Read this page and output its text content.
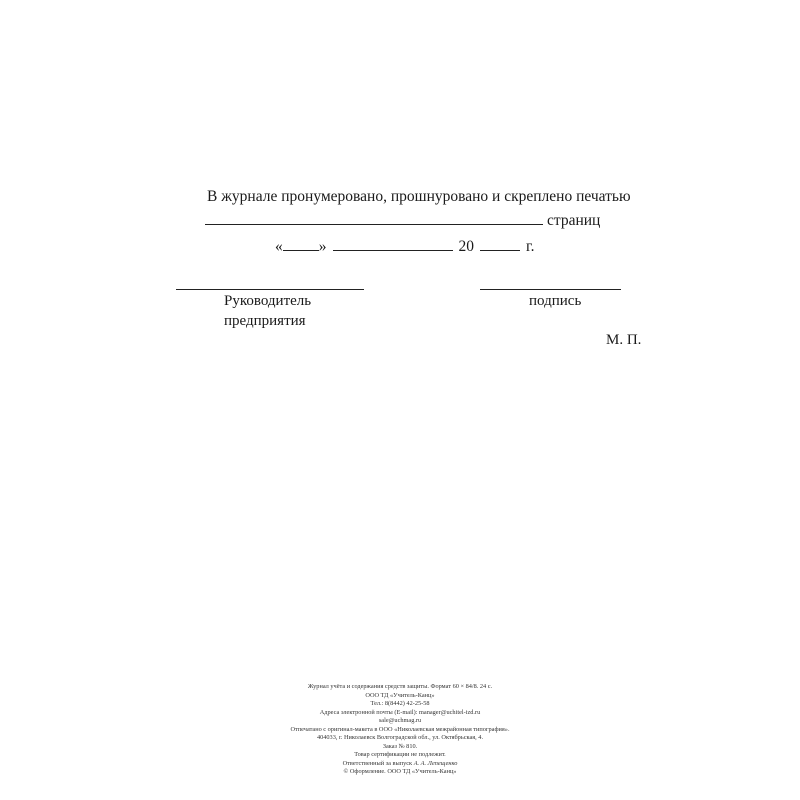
В журнале пронумеровано, прошнуровано и скреплено печатью
страниц
« »	20	г.
Руководитель
предприятия
подпись
М. П.
Журнал учёта и содержания средств защиты. Формат 60 × 84/8. 24 с.
ООО ТД «Учитель-Канц»
Тел.: 8(8442) 42-25-58
Адреса электронной почты (E-mail): manager@uchitel-izd.ru
sale@uchmag.ru
Отпечатано с оригинал-макета в ООО «Николаевская межрайонная типография».
404033, г. Николаевск Волгоградской обл., ул. Октябрьская, 4.
Заказ № 810.
Товар сертификации не подлежит.
Ответственный за выпуск А. А. Лепещенко
© Оформление. ООО ТД «Учитель-Канц»
